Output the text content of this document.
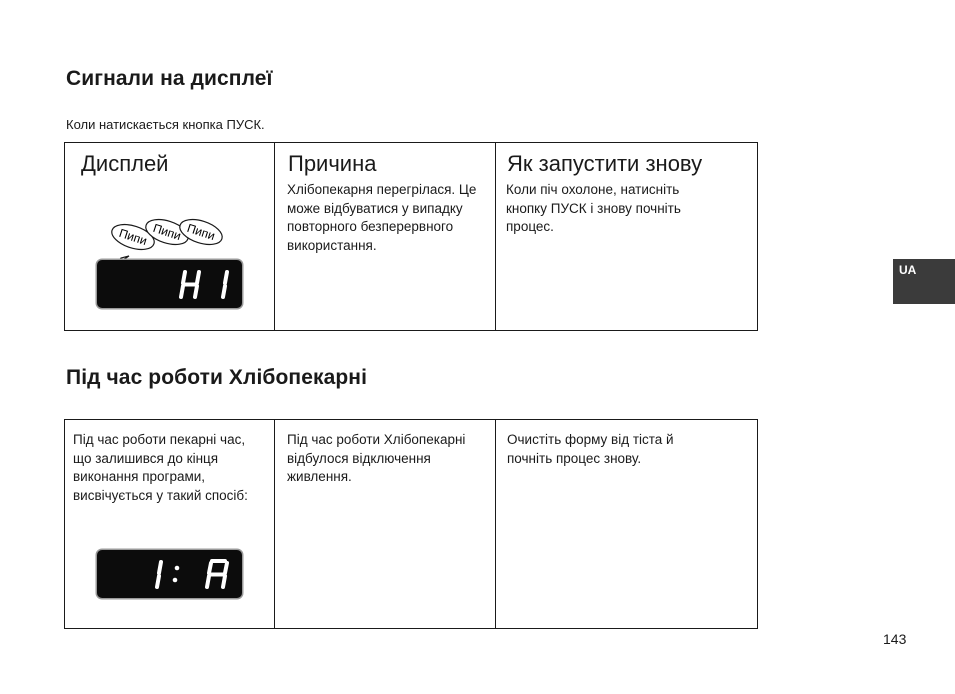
Сигнали на дисплеї
Коли натискається кнопка ПУСК.
Дисплей
Пипи Пипи Пипи
Причина
Хлібопекарня перегрілася. Це може відбуватися у випадку повторного безперервного використання.
Як запустити знову
Коли піч охолоне, натисніть кнопку ПУСК і знову почніть процес.
Під час роботи Хлібопекарні
Під час роботи пекарні час, що залишився до кінця виконання програми, висвічується у такий спосіб:
Під час роботи Хлібопекарні відбулося відключення живлення.
Очистіть форму від тіста й почніть процес знову.
UA
143
